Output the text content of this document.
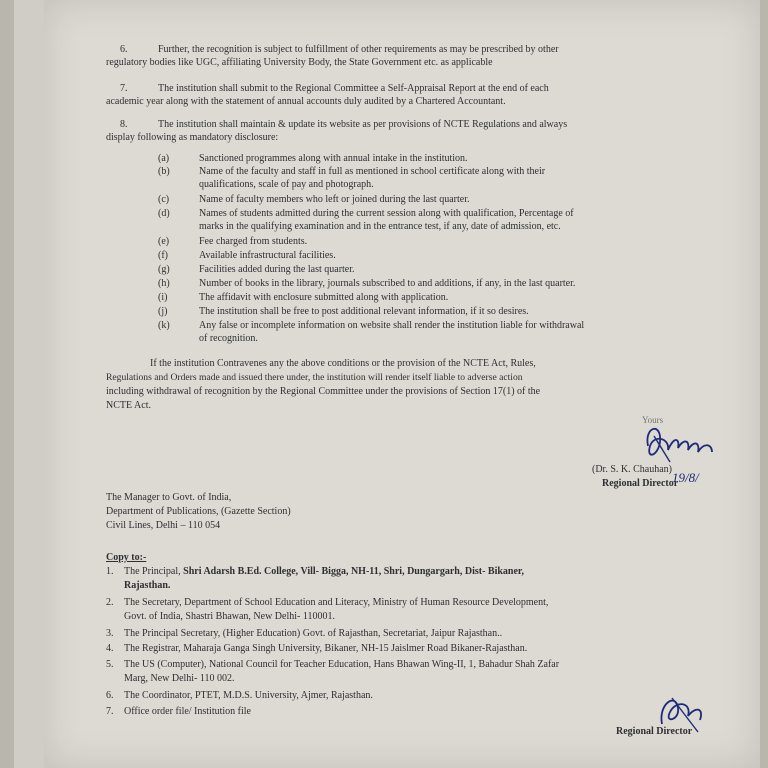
6.	Further, the recognition is subject to fulfillment of other requirements as may be prescribed by other
regulatory bodies like UGC, affiliating University Body, the State Government etc. as applicable
7.	The institution shall submit to the Regional Committee a Self-Appraisal Report at the end of each
academic year along with the statement of annual accounts duly audited by a Chartered Accountant.
8.	The institution shall maintain & update its website as per provisions of NCTE Regulations and always
display following as mandatory disclosure:
(a)	Sanctioned programmes along with annual intake in the institution.
(b)	Name of the faculty and staff in full as mentioned in school certificate along with their
qualifications, scale of pay and photograph.
(c)	Name of faculty members who left or joined during the last quarter.
(d)	Names of students admitted during the current session along with qualification, Percentage of
marks in the qualifying examination and in the entrance test, if any, date of admission, etc.
(e)	Fee charged from students.
(f)	Available infrastructural facilities.
(g)	Facilities added during the last quarter.
(h)	Number of books in the library, journals subscribed to and additions, if any, in the last quarter.
(i)	The affidavit with enclosure submitted along with application.
(j)	The institution shall be free to post additional relevant information, if it so desires.
(k)	Any false or incomplete information on website shall render the institution liable for withdrawal
of recognition.
If the institution Contravenes any the above conditions or the provision of the NCTE Act, Rules,
Regulations and Orders made and issued there under, the institution will render itself liable to adverse action
including withdrawal of recognition by the Regional Committee under the provisions of Section 17(1) of the
NCTE Act.
Yours
(Dr. S. K. Chauhan)
Regional Director
19/8/
The Manager to Govt. of India,
Department of Publications, (Gazette Section)
Civil Lines, Delhi – 110 054
Copy to:-
1. The Principal, Shri Adarsh B.Ed. College, Vill- Bigga, NH-11, Shri, Dungargarh, Dist- Bikaner,
Rajasthan.
2. The Secretary, Department of School Education and Literacy, Ministry of Human Resource Development,
Govt. of India, Shastri Bhawan, New Delhi- 110001.
3. The Principal Secretary, (Higher Education) Govt. of Rajasthan, Secretariat, Jaipur Rajasthan..
4. The Registrar, Maharaja Ganga Singh University, Bikaner, NH-15 Jaislmer Road Bikaner-Rajasthan.
5. The US (Computer), National Council for Teacher Education, Hans Bhawan Wing-II, 1, Bahadur Shah Zafar
Marg, New Delhi- 110 002.
6. The Coordinator, PTET, M.D.S. University, Ajmer, Rajasthan.
7. Office order file/ Institution file
Regional Director
